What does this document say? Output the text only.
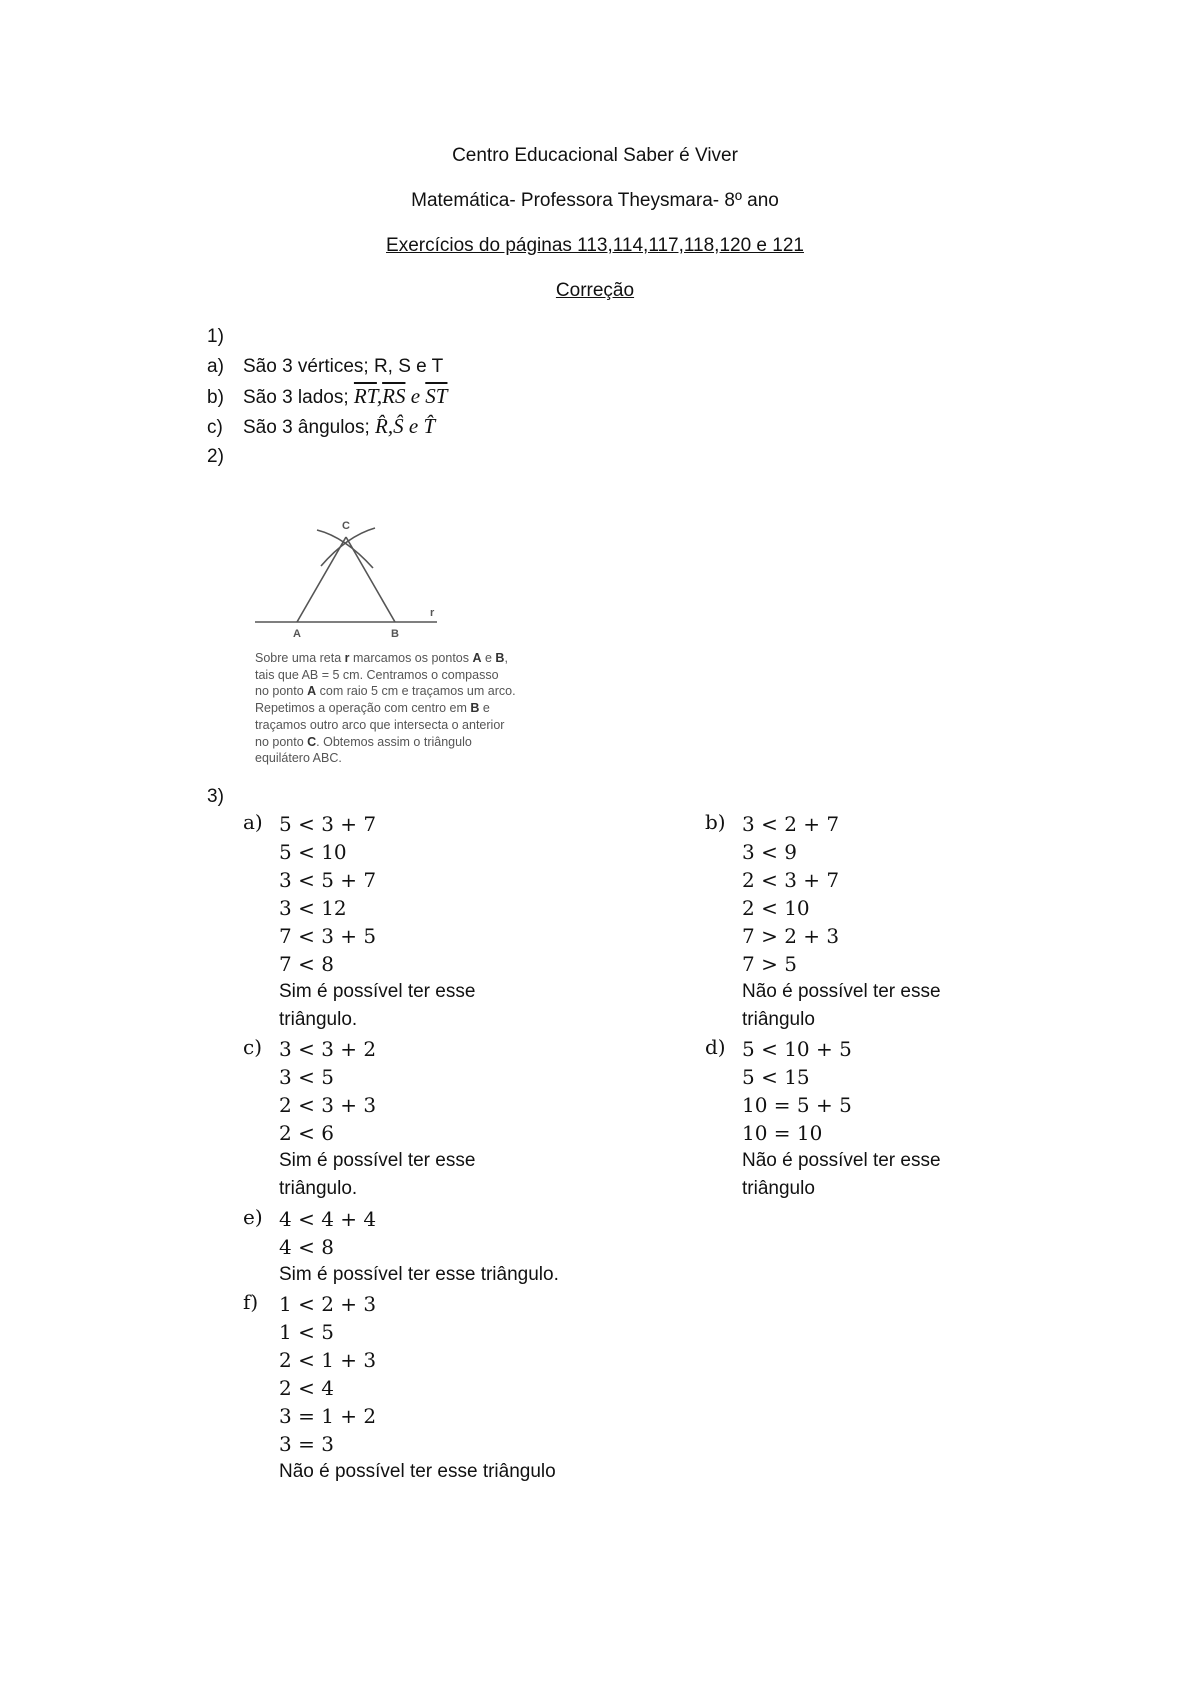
Centro Educacional Saber é Viver
Matemática- Professora Theysmara- 8º ano
Exercícios do páginas 113,114,117,118,120 e 121
Correção
1)
a) São 3 vértices; R, S e T
b) São 3 lados; $\overline{RT},\overline{RS}$ e $\overline{ST}$
c) São 3 ângulos; R̂,Ŝ e T̂
2)
C
A	B
r
Sobre uma reta r marcamos os pontos A e B,
tais que AB = 5 cm. Centramos o compasso
no ponto A com raio 5 cm e traçamos um arco.
Repetimos a operação com centro em B e
traçamos outro arco que intersecta o anterior
no ponto C. Obtemos assim o triângulo
equilátero ABC.
3)
a) 5 < 3 + 7
5 < 10
3 < 5 + 7
3 < 12
7 < 3 + 5
7 < 8
Sim é possível ter esse
triângulo.
b) 3 < 2 + 7
3 < 9
2 < 3 + 7
2 < 10
7 > 2 + 3
7 > 5
Não é possível ter esse
triângulo
c) 3 < 3 + 2
3 < 5
2 < 3 + 3
2 < 6
Sim é possível ter esse
triângulo.
d) 5 < 10 + 5
5 < 15
10 = 5 + 5
10 = 10
Não é possível ter esse
triângulo
e) 4 < 4 + 4
4 < 8
Sim é possível ter esse triângulo.
f) 1 < 2 + 3
1 < 5
2 < 1 + 3
2 < 4
3 = 1 + 2
3 = 3
Não é possível ter esse triângulo
